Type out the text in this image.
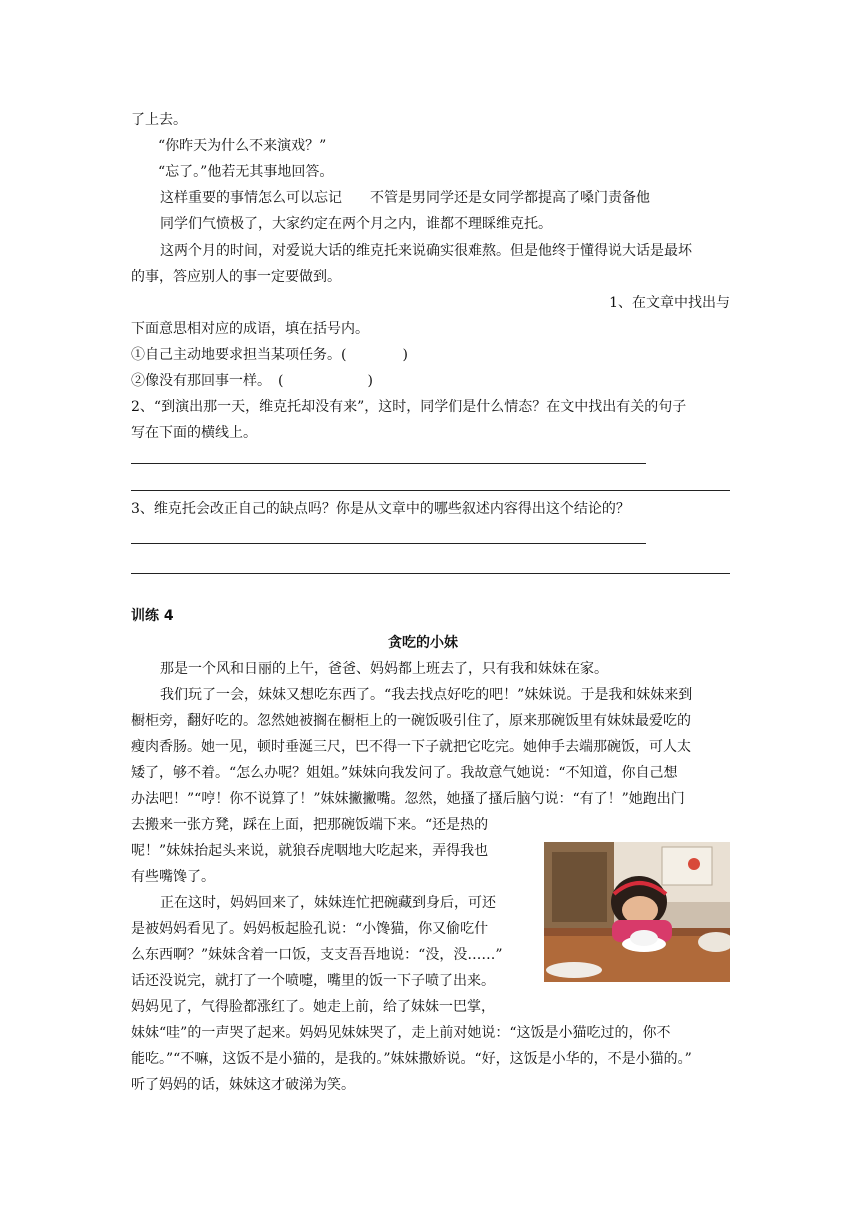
了上去。
“你昨天为什么不来演戏？”
“忘了。”他若无其事地回答。
这样重要的事情怎么可以忘记　　不管是男同学还是女同学都提高了嗓门责备他
同学们气愤极了，大家约定在两个月之内，谁都不理睬维克托。
这两个月的时间，对爱说大话的维克托来说确实很难熬。但是他终于懂得说大话是最坏
的事，答应别人的事一定要做到。
1、在文章中找出与
下面意思相对应的成语，填在括号内。
①自己主动地要求担当某项任务。(　　　　)
②像没有那回事一样。　(　　　　　　)
2、“到演出那一天，维克托却没有来”，这时，同学们是什么情态？在文中找出有关的句子
写在下面的横线上。
3、维克托会改正自己的缺点吗？你是从文章中的哪些叙述内容得出这个结论的？
训练 4
贪吃的小妹
那是一个风和日丽的上午，爸爸、妈妈都上班去了，只有我和妹妹在家。
我们玩了一会，妹妹又想吃东西了。“我去找点好吃的吧！”妹妹说。于是我和妹妹来到
橱柜旁，翻好吃的。忽然她被搁在橱柜上的一碗饭吸引住了，原来那碗饭里有妹妹最爱吃的
瘦肉香肠。她一见，顿时垂涎三尺，巴不得一下子就把它吃完。她伸手去端那碗饭，可人太
矮了，够不着。“怎么办呢？姐姐。”妹妹向我发问了。我故意气她说：“不知道，你自己想
办法吧！”“哼！你不说算了！”妹妹撇撇嘴。忽然，她搔了搔后脑勺说：“有了！”她跑出门
去搬来一张方凳，踩在上面，把那碗饭端下来。“还是热的
呢！”妹妹抬起头来说，就狼吞虎咽地大吃起来，弄得我也
有些嘴馋了。
正在这时，妈妈回来了，妹妹连忙把碗藏到身后，可还
是被妈妈看见了。妈妈板起脸孔说：“小馋猫，你又偷吃什
么东西啊？”妹妹含着一口饭，支支吾吾地说：“没，没……”
话还没说完，就打了一个喷嚏，嘴里的饭一下子喷了出来。
妈妈见了，气得脸都涨红了。她走上前，给了妹妹一巴掌，
妹妹“哇”的一声哭了起来。妈妈见妹妹哭了，走上前对她说：“这饭是小猫吃过的，你不
能吃。”“不嘛，这饭不是小猫的，是我的。”妹妹撒娇说。“好，这饭是小华的，不是小猫的。”
听了妈妈的话，妹妹这才破涕为笑。
